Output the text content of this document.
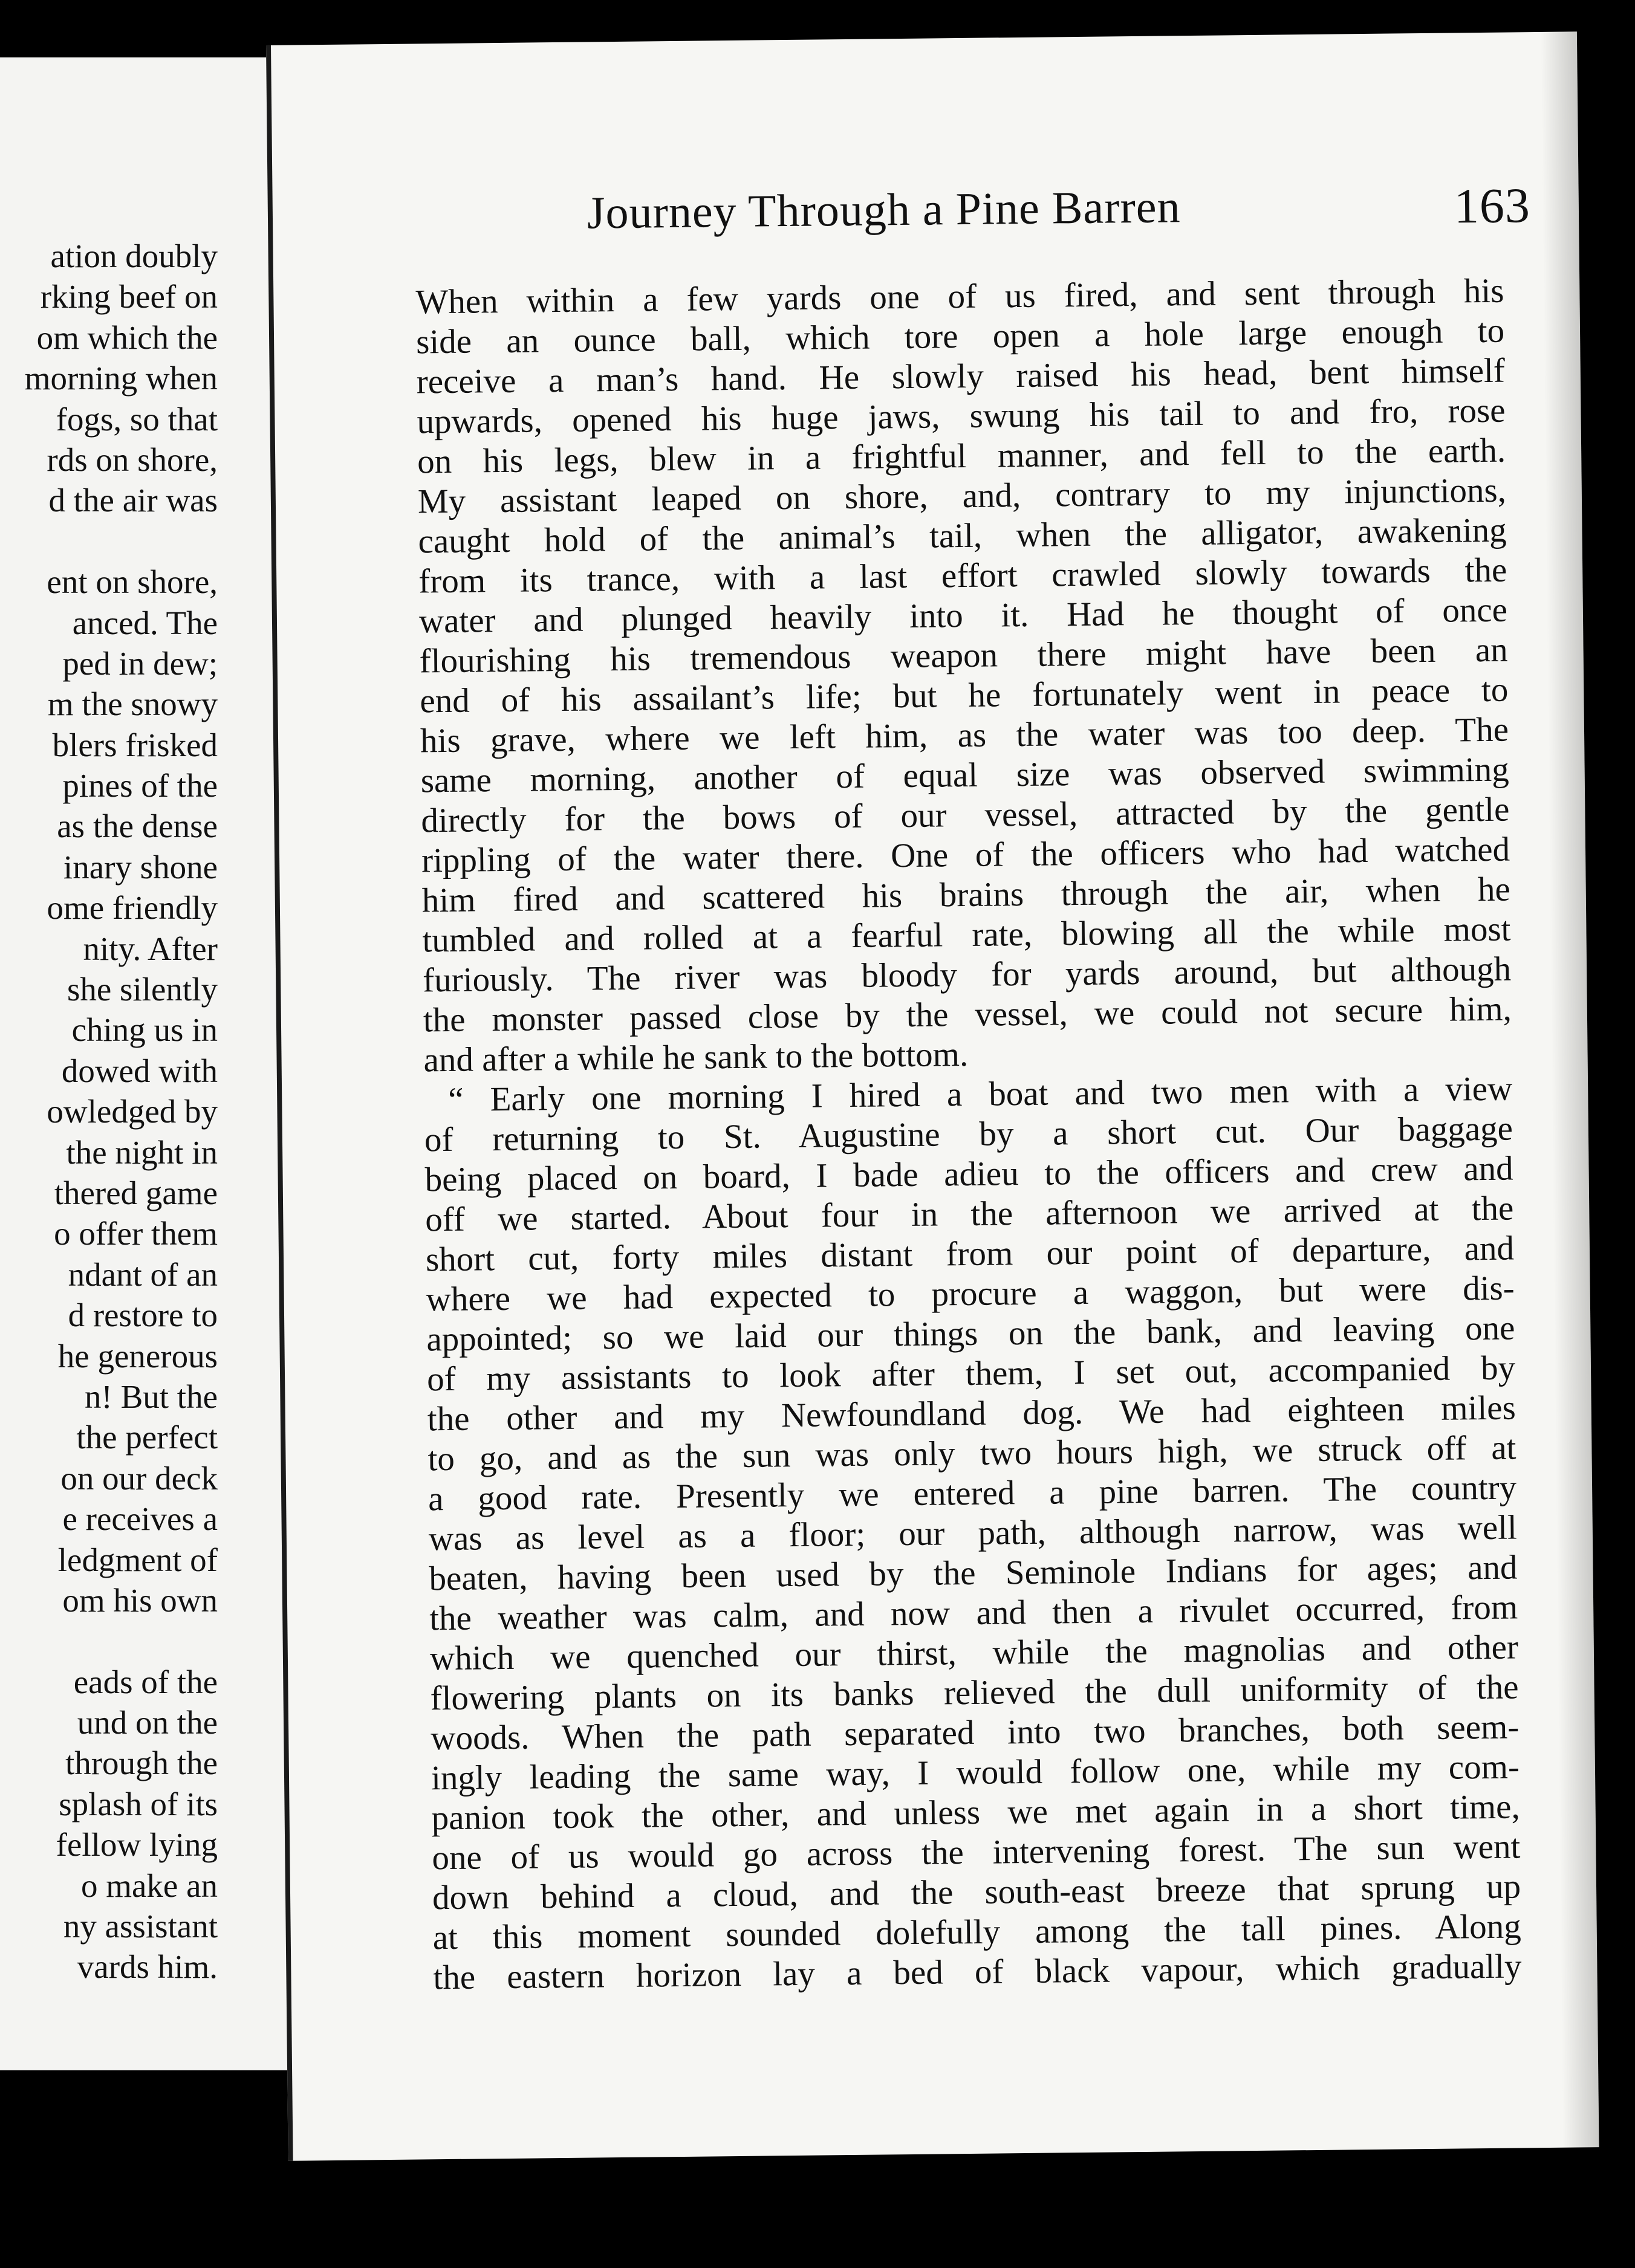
ation doubly
rking beef on
om which the
morning when
fogs, so that
rds on shore,
d the air was
ent on shore,
anced. The
ped in dew;
m the snowy
blers frisked
pines of the
as the dense
inary shone
ome friendly
nity. After
she silently
ching us in
dowed with
owledged by
the night in
thered game
o offer them
ndant of an
d restore to
he generous
n! But the
the perfect
on our deck
e receives a
ledgment of
om his own
eads of the
und on the
through the
splash of its
fellow lying
o make an
ny assistant
vards him.
Journey Through a Pine Barren	163
When within a few yards one of us fired, and sent through his
side an ounce ball, which tore open a hole large enough to
receive a man’s hand. He slowly raised his head, bent himself
upwards, opened his huge jaws, swung his tail to and fro, rose
on his legs, blew in a frightful manner, and fell to the earth.
My assistant leaped on shore, and, contrary to my injunctions,
caught hold of the animal’s tail, when the alligator, awakening
from its trance, with a last effort crawled slowly towards the
water and plunged heavily into it. Had he thought of once
flourishing his tremendous weapon there might have been an
end of his assailant’s life; but he fortunately went in peace to
his grave, where we left him, as the water was too deep. The
same morning, another of equal size was observed swimming
directly for the bows of our vessel, attracted by the gentle
rippling of the water there. One of the officers who had watched
him fired and scattered his brains through the air, when he
tumbled and rolled at a fearful rate, blowing all the while most
furiously. The river was bloody for yards around, but although
the monster passed close by the vessel, we could not secure him,
and after a while he sank to the bottom.
“ Early one morning I hired a boat and two men with a view
of returning to St. Augustine by a short cut. Our baggage
being placed on board, I bade adieu to the officers and crew and
off we started. About four in the afternoon we arrived at the
short cut, forty miles distant from our point of departure, and
where we had expected to procure a waggon, but were dis-
appointed; so we laid our things on the bank, and leaving one
of my assistants to look after them, I set out, accompanied by
the other and my Newfoundland dog. We had eighteen miles
to go, and as the sun was only two hours high, we struck off at
a good rate. Presently we entered a pine barren. The country
was as level as a floor; our path, although narrow, was well
beaten, having been used by the Seminole Indians for ages; and
the weather was calm, and now and then a rivulet occurred, from
which we quenched our thirst, while the magnolias and other
flowering plants on its banks relieved the dull uniformity of the
woods. When the path separated into two branches, both seem-
ingly leading the same way, I would follow one, while my com-
panion took the other, and unless we met again in a short time,
one of us would go across the intervening forest. The sun went
down behind a cloud, and the south-east breeze that sprung up
at this moment sounded dolefully among the tall pines. Along
the eastern horizon lay a bed of black vapour, which gradually
